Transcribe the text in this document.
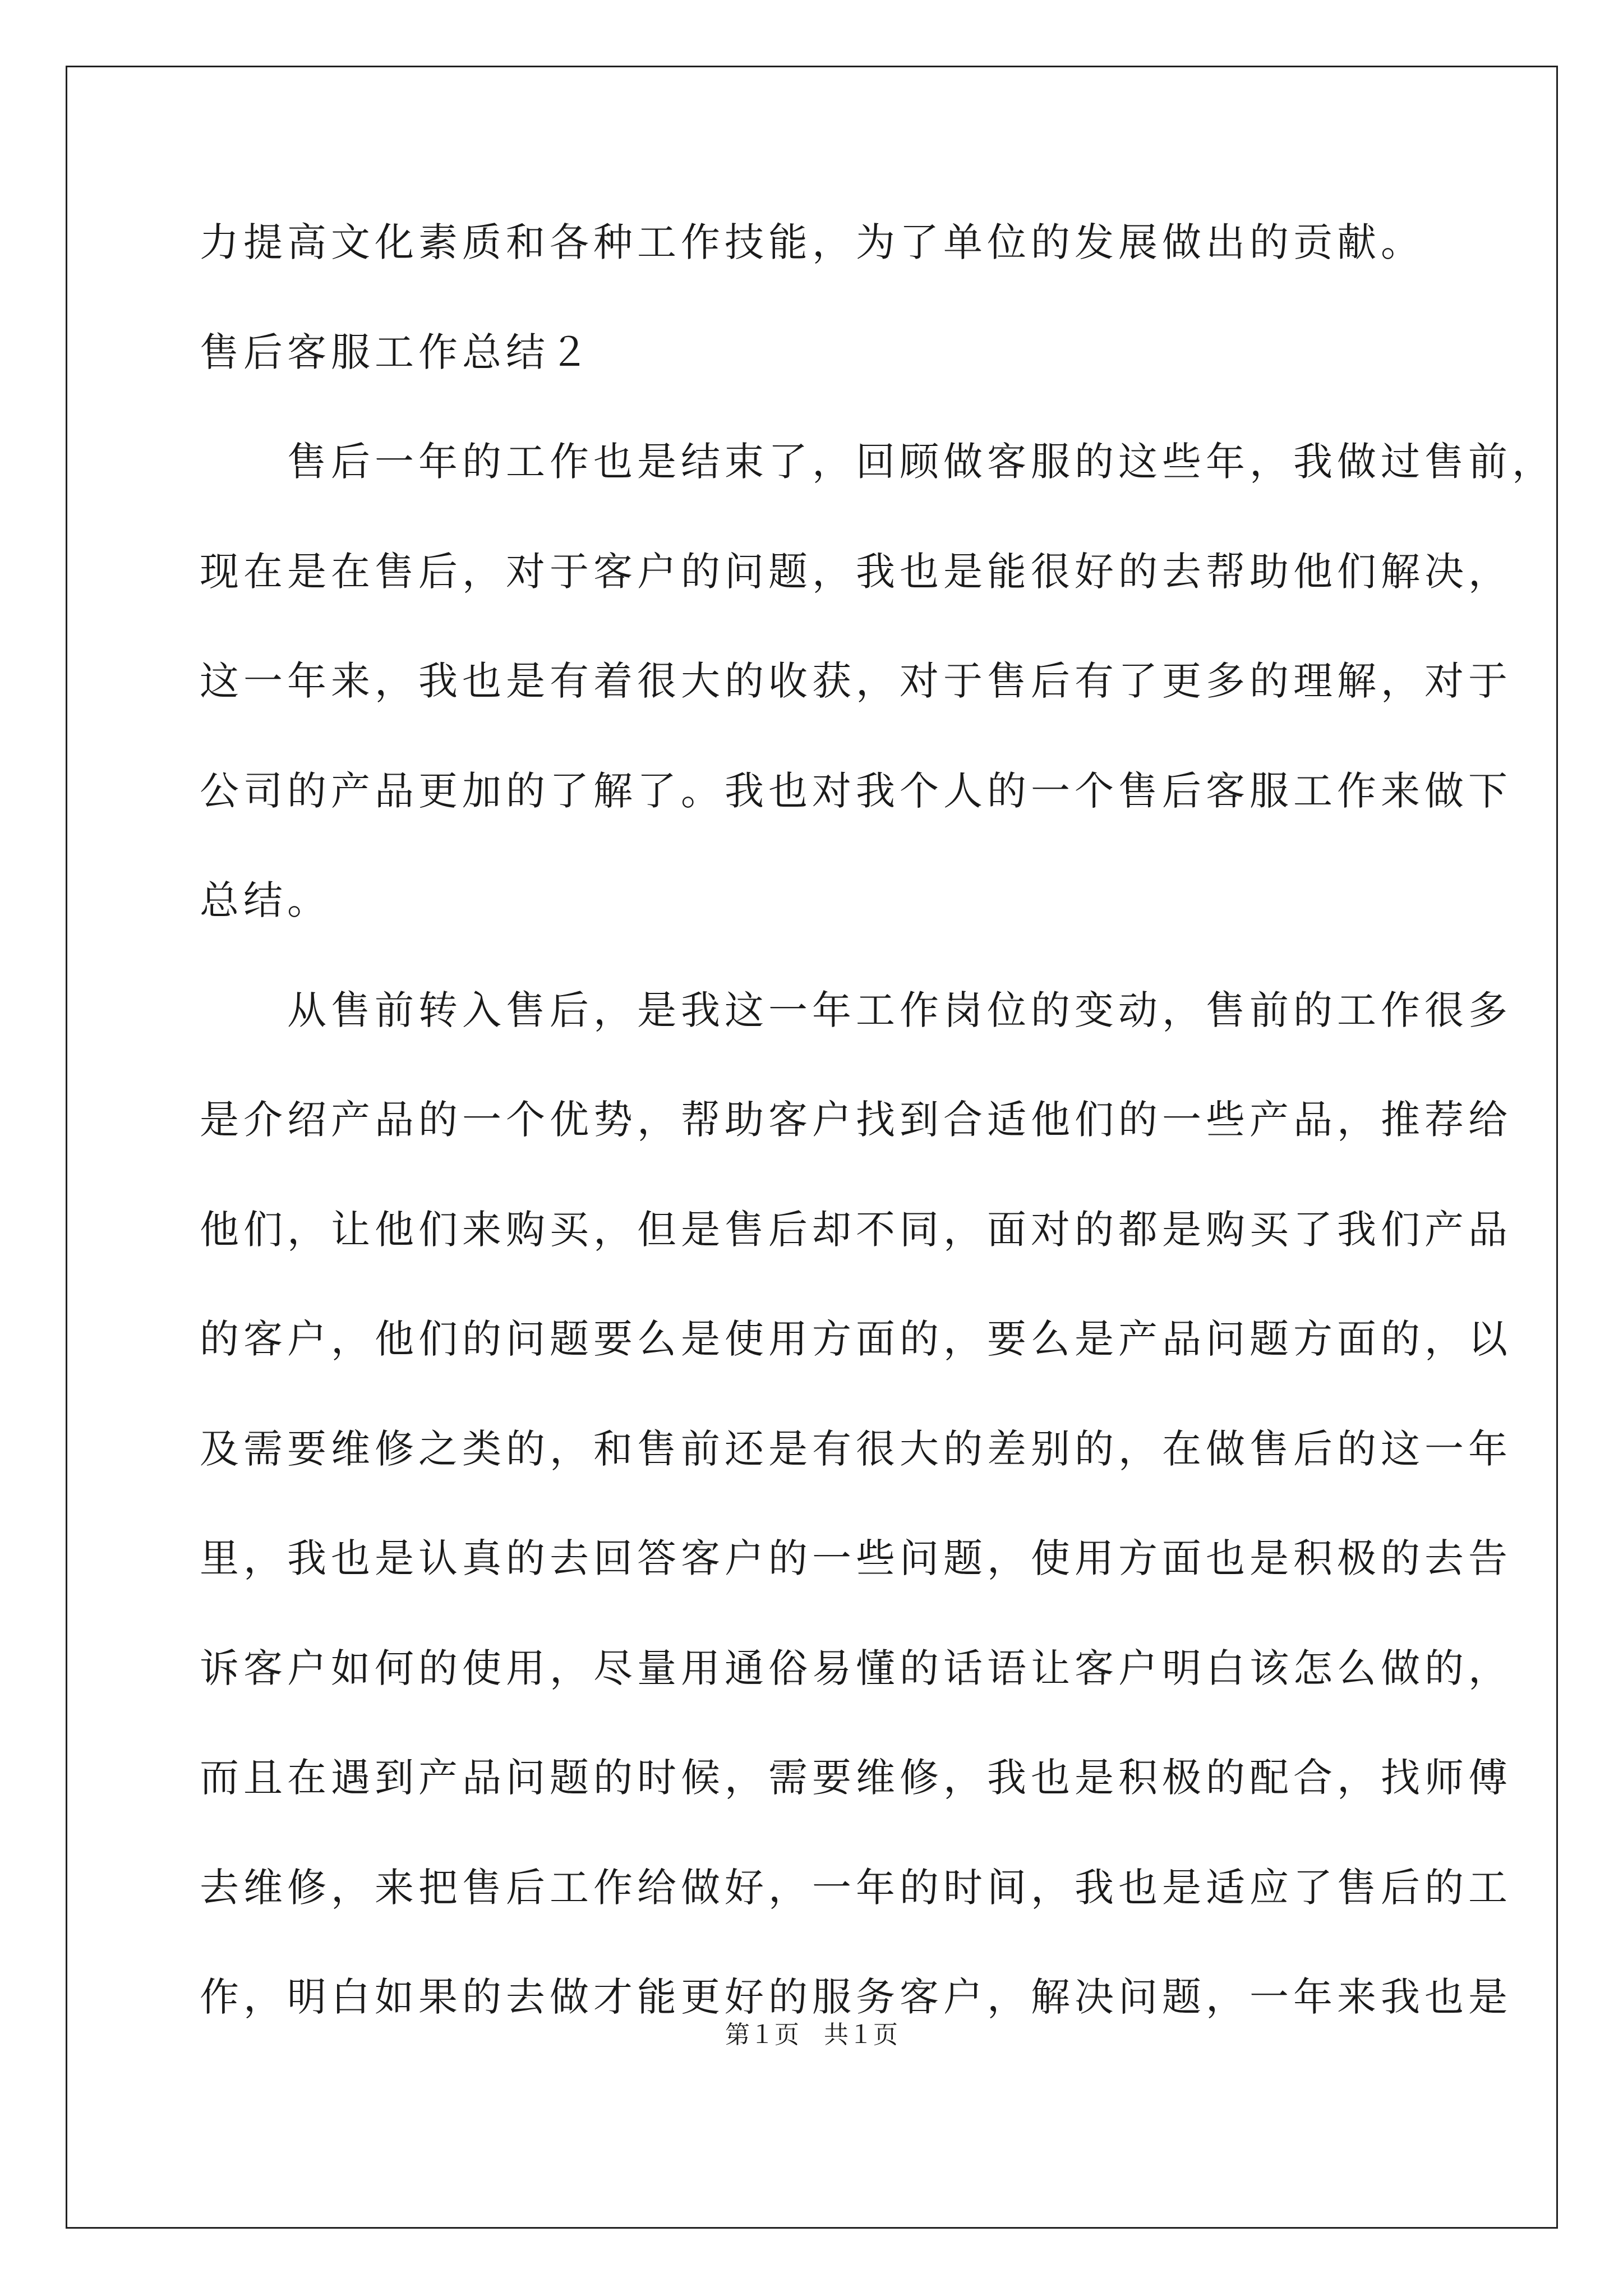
力提高文化素质和各种工作技能，为了单位的发展做出的贡献。
售后客服工作总结２
　　售后一年的工作也是结束了，回顾做客服的这些年，我做过售前，
现在是在售后，对于客户的问题，我也是能很好的去帮助他们解决，
这一年来，我也是有着很大的收获，对于售后有了更多的理解，对于
公司的产品更加的了解了。我也对我个人的一个售后客服工作来做下
总结。
　　从售前转入售后，是我这一年工作岗位的变动，售前的工作很多
是介绍产品的一个优势，帮助客户找到合适他们的一些产品，推荐给
他们，让他们来购买，但是售后却不同，面对的都是购买了我们产品
的客户，他们的问题要么是使用方面的，要么是产品问题方面的，以
及需要维修之类的，和售前还是有很大的差别的，在做售后的这一年
里，我也是认真的去回答客户的一些问题，使用方面也是积极的去告
诉客户如何的使用，尽量用通俗易懂的话语让客户明白该怎么做的，
而且在遇到产品问题的时候，需要维修，我也是积极的配合，找师傅
去维修，来把售后工作给做好，一年的时间，我也是适应了售后的工
作，明白如果的去做才能更好的服务客户，解决问题，一年来我也是
第１页 共１页
